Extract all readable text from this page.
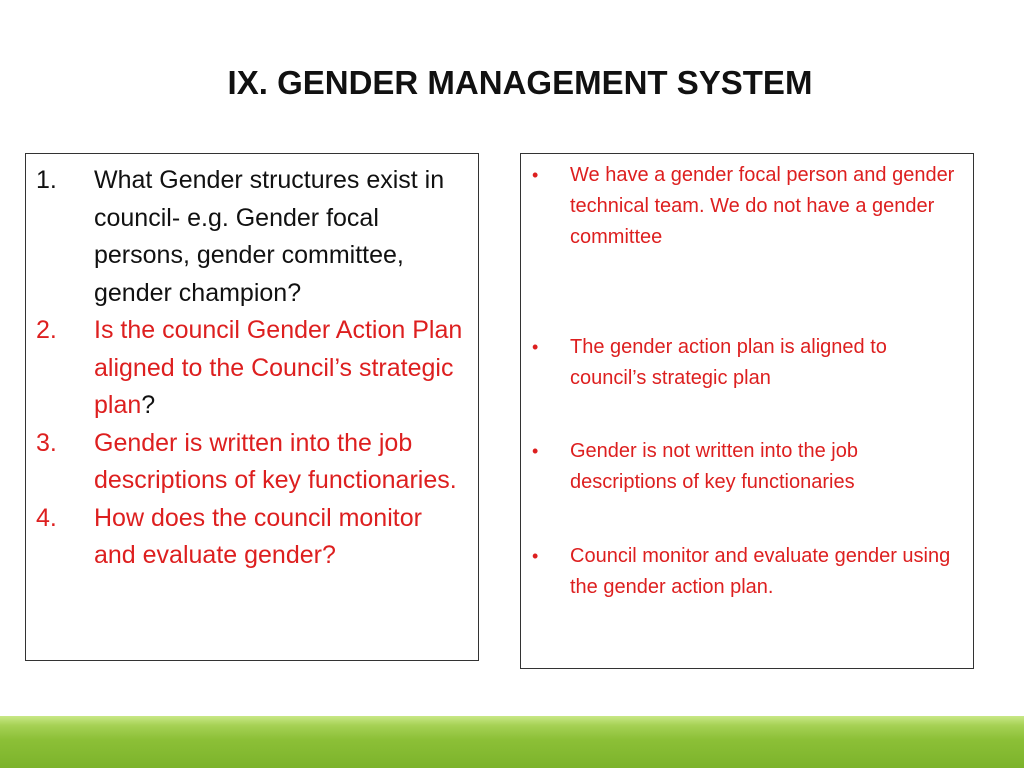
IX. GENDER MANAGEMENT SYSTEM
1. What Gender structures exist in council- e.g. Gender focal persons, gender committee, gender champion?
2. Is the council Gender Action Plan aligned to the Council’s strategic plan?
3. Gender is written into the job descriptions of key functionaries.
4. How does the council monitor and evaluate gender?
• We have a gender focal person and gender technical team. We do not have a gender committee
• The gender action plan is aligned to council’s strategic plan
• Gender is not written into the job descriptions of key functionaries
• Council monitor and evaluate gender using the gender action plan.
